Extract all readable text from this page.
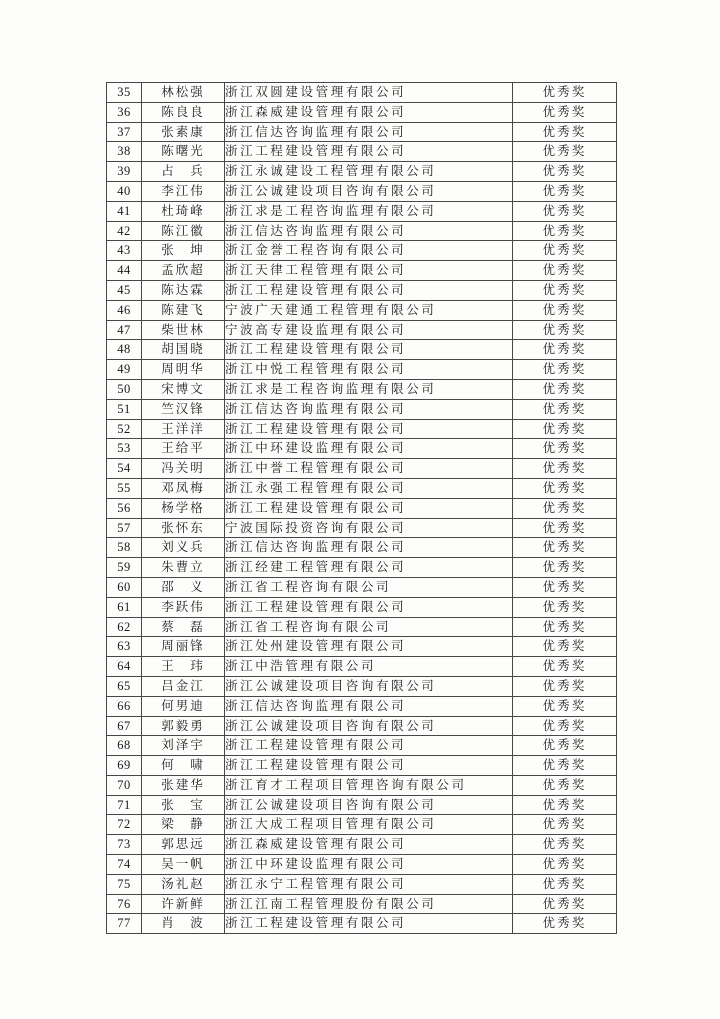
35	林松强	浙江双圆建设管理有限公司	优秀奖
36	陈良良	浙江森威建设管理有限公司	优秀奖
37	张素康	浙江信达咨询监理有限公司	优秀奖
38	陈曙光	浙江工程建设管理有限公司	优秀奖
39	占　兵	浙江永诚建设工程管理有限公司	优秀奖
40	李江伟	浙江公诚建设项目咨询有限公司	优秀奖
41	杜琦峰	浙江求是工程咨询监理有限公司	优秀奖
42	陈江徽	浙江信达咨询监理有限公司	优秀奖
43	张　坤	浙江金誉工程咨询有限公司	优秀奖
44	孟欣超	浙江天律工程管理有限公司	优秀奖
45	陈达霖	浙江工程建设管理有限公司	优秀奖
46	陈建飞	宁波广天建通工程管理有限公司	优秀奖
47	柴世林	宁波高专建设监理有限公司	优秀奖
48	胡国晓	浙江工程建设管理有限公司	优秀奖
49	周明华	浙江中悦工程管理有限公司	优秀奖
50	宋博文	浙江求是工程咨询监理有限公司	优秀奖
51	竺汉锋	浙江信达咨询监理有限公司	优秀奖
52	王洋洋	浙江工程建设管理有限公司	优秀奖
53	王给平	浙江中环建设监理有限公司	优秀奖
54	冯关明	浙江中誉工程管理有限公司	优秀奖
55	邓凤梅	浙江永强工程管理有限公司	优秀奖
56	杨学格	浙江工程建设管理有限公司	优秀奖
57	张怀东	宁波国际投资咨询有限公司	优秀奖
58	刘义兵	浙江信达咨询监理有限公司	优秀奖
59	朱曹立	浙江经建工程管理有限公司	优秀奖
60	邵　义	浙江省工程咨询有限公司	优秀奖
61	李跃伟	浙江工程建设管理有限公司	优秀奖
62	蔡　磊	浙江省工程咨询有限公司	优秀奖
63	周丽锋	浙江处州建设管理有限公司	优秀奖
64	王　玮	浙江中浩管理有限公司	优秀奖
65	吕金江	浙江公诚建设项目咨询有限公司	优秀奖
66	何男迪	浙江信达咨询监理有限公司	优秀奖
67	郭毅勇	浙江公诚建设项目咨询有限公司	优秀奖
68	刘泽宇	浙江工程建设管理有限公司	优秀奖
69	何　啸	浙江工程建设管理有限公司	优秀奖
70	张建华	浙江育才工程项目管理咨询有限公司	优秀奖
71	张　宝	浙江公诚建设项目咨询有限公司	优秀奖
72	梁　静	浙江大成工程项目管理有限公司	优秀奖
73	郭思远	浙江森威建设管理有限公司	优秀奖
74	吴一帆	浙江中环建设监理有限公司	优秀奖
75	汤礼赵	浙江永宁工程管理有限公司	优秀奖
76	许新鲜	浙江江南工程管理股份有限公司	优秀奖
77	肖　波	浙江工程建设管理有限公司	优秀奖
